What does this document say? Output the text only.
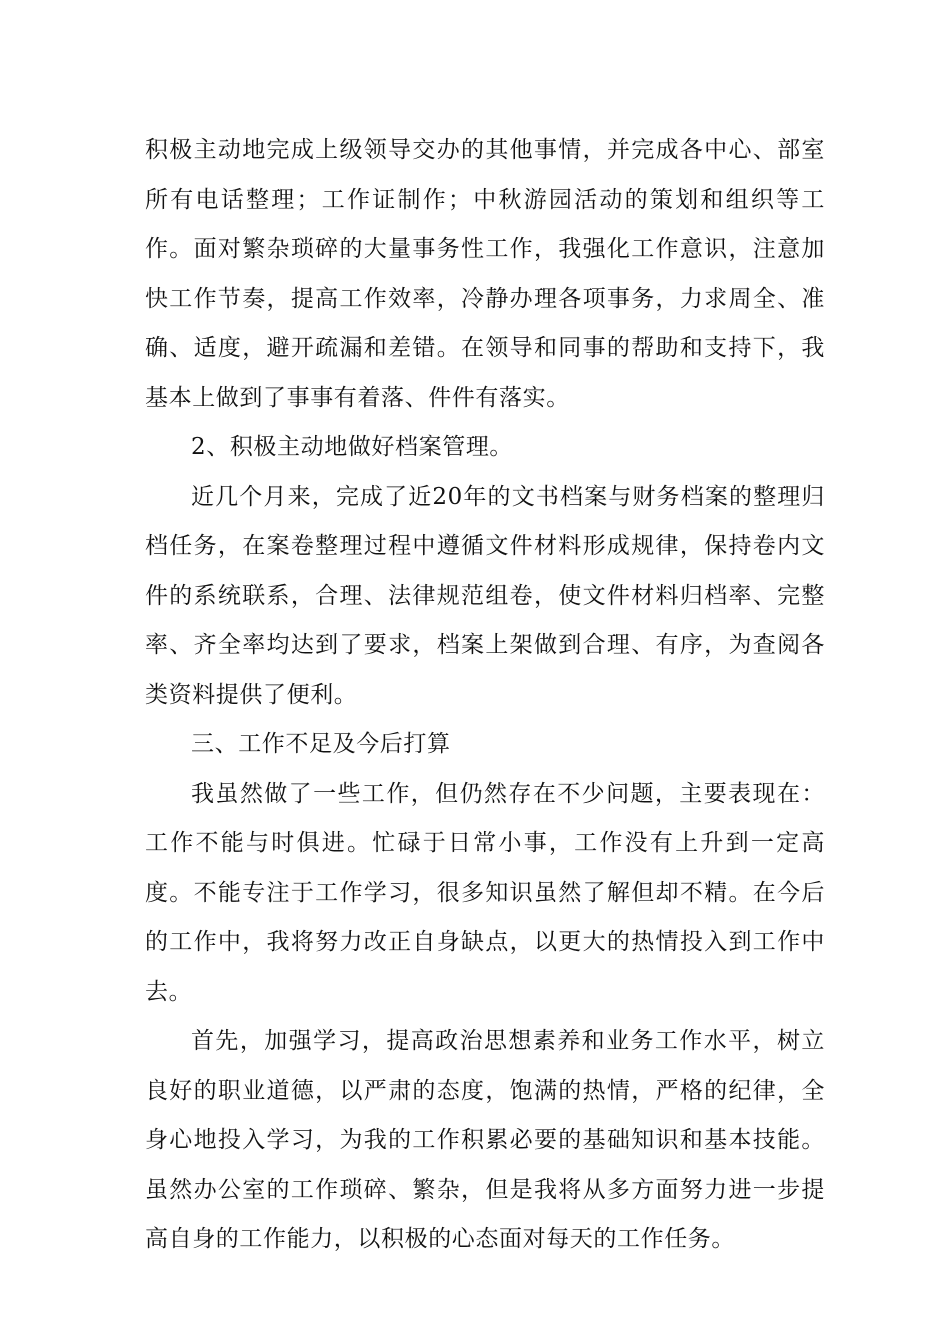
积极主动地完成上级领导交办的其他事情，并完成各中心、部室所有电话整理；工作证制作；中秋游园活动的策划和组织等工作。面对繁杂琐碎的大量事务性工作，我强化工作意识，注意加快工作节奏，提高工作效率，冷静办理各项事务，力求周全、准确、适度，避开疏漏和差错。在领导和同事的帮助和支持下，我基本上做到了事事有着落、件件有落实。

2、积极主动地做好档案管理。

近几个月来，完成了近20年的文书档案与财务档案的整理归档任务，在案卷整理过程中遵循文件材料形成规律，保持卷内文件的系统联系，合理、法律规范组卷，使文件材料归档率、完整率、齐全率均达到了要求，档案上架做到合理、有序，为查阅各类资料提供了便利。

三、工作不足及今后打算

我虽然做了一些工作，但仍然存在不少问题，主要表现在：工作不能与时俱进。忙碌于日常小事，工作没有上升到一定高度。不能专注于工作学习，很多知识虽然了解但却不精。在今后的工作中，我将努力改正自身缺点，以更大的热情投入到工作中去。

首先，加强学习，提高政治思想素养和业务工作水平，树立良好的职业道德，以严肃的态度，饱满的热情，严格的纪律，全身心地投入学习，为我的工作积累必要的基础知识和基本技能。虽然办公室的工作琐碎、繁杂，但是我将从多方面努力进一步提高自身的工作能力，以积极的心态面对每天的工作任务。
